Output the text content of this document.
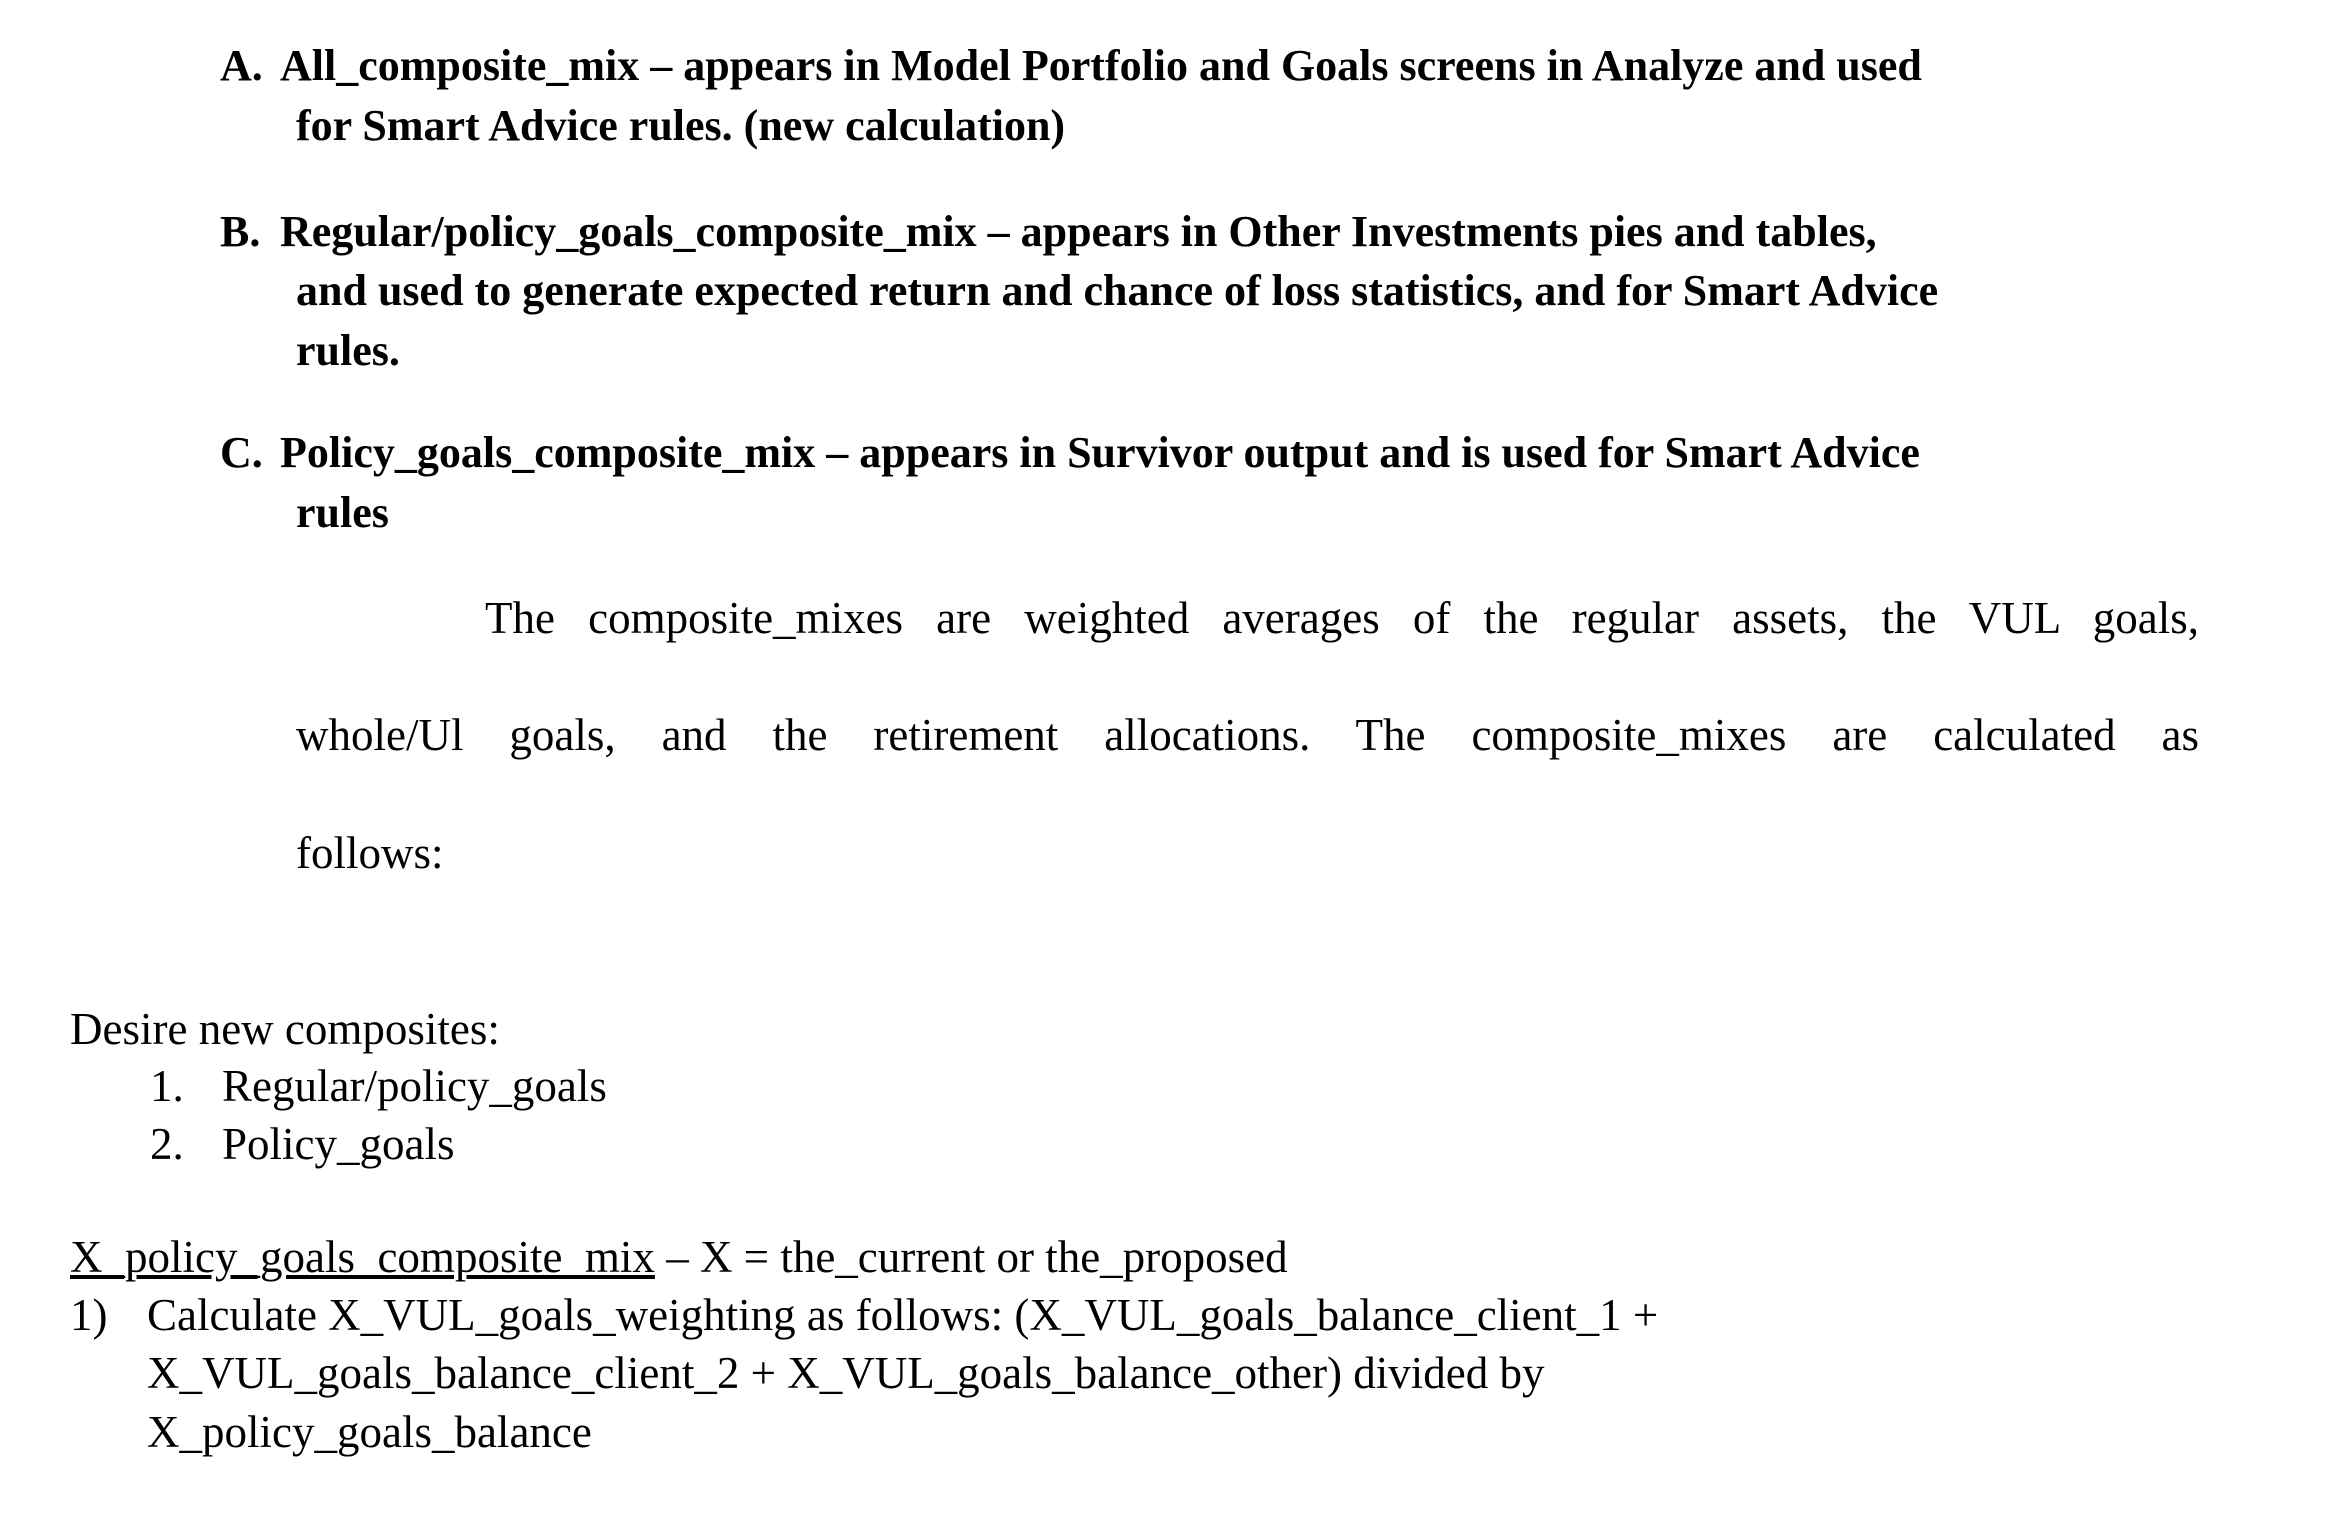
A. All_composite_mix – appears in Model Portfolio and Goals screens in Analyze and used
for Smart Advice rules. (new calculation)
B. Regular/policy_goals_composite_mix – appears in Other Investments pies and tables,
and used to generate expected return and chance of loss statistics, and for Smart Advice
rules.
C. Policy_goals_composite_mix – appears in Survivor output and is used for Smart Advice
rules
The composite_mixes are weighted averages of the regular assets, the VUL goals,
whole/Ul goals, and the retirement allocations. The composite_mixes are calculated as
follows:
Desire new composites:
1. Regular/policy_goals
2. Policy_goals
X_policy_goals_composite_mix – X = the_current or the_proposed
1) Calculate X_VUL_goals_weighting as follows: (X_VUL_goals_balance_client_1 +
X_VUL_goals_balance_client_2 + X_VUL_goals_balance_other) divided by
X_policy_goals_balance
